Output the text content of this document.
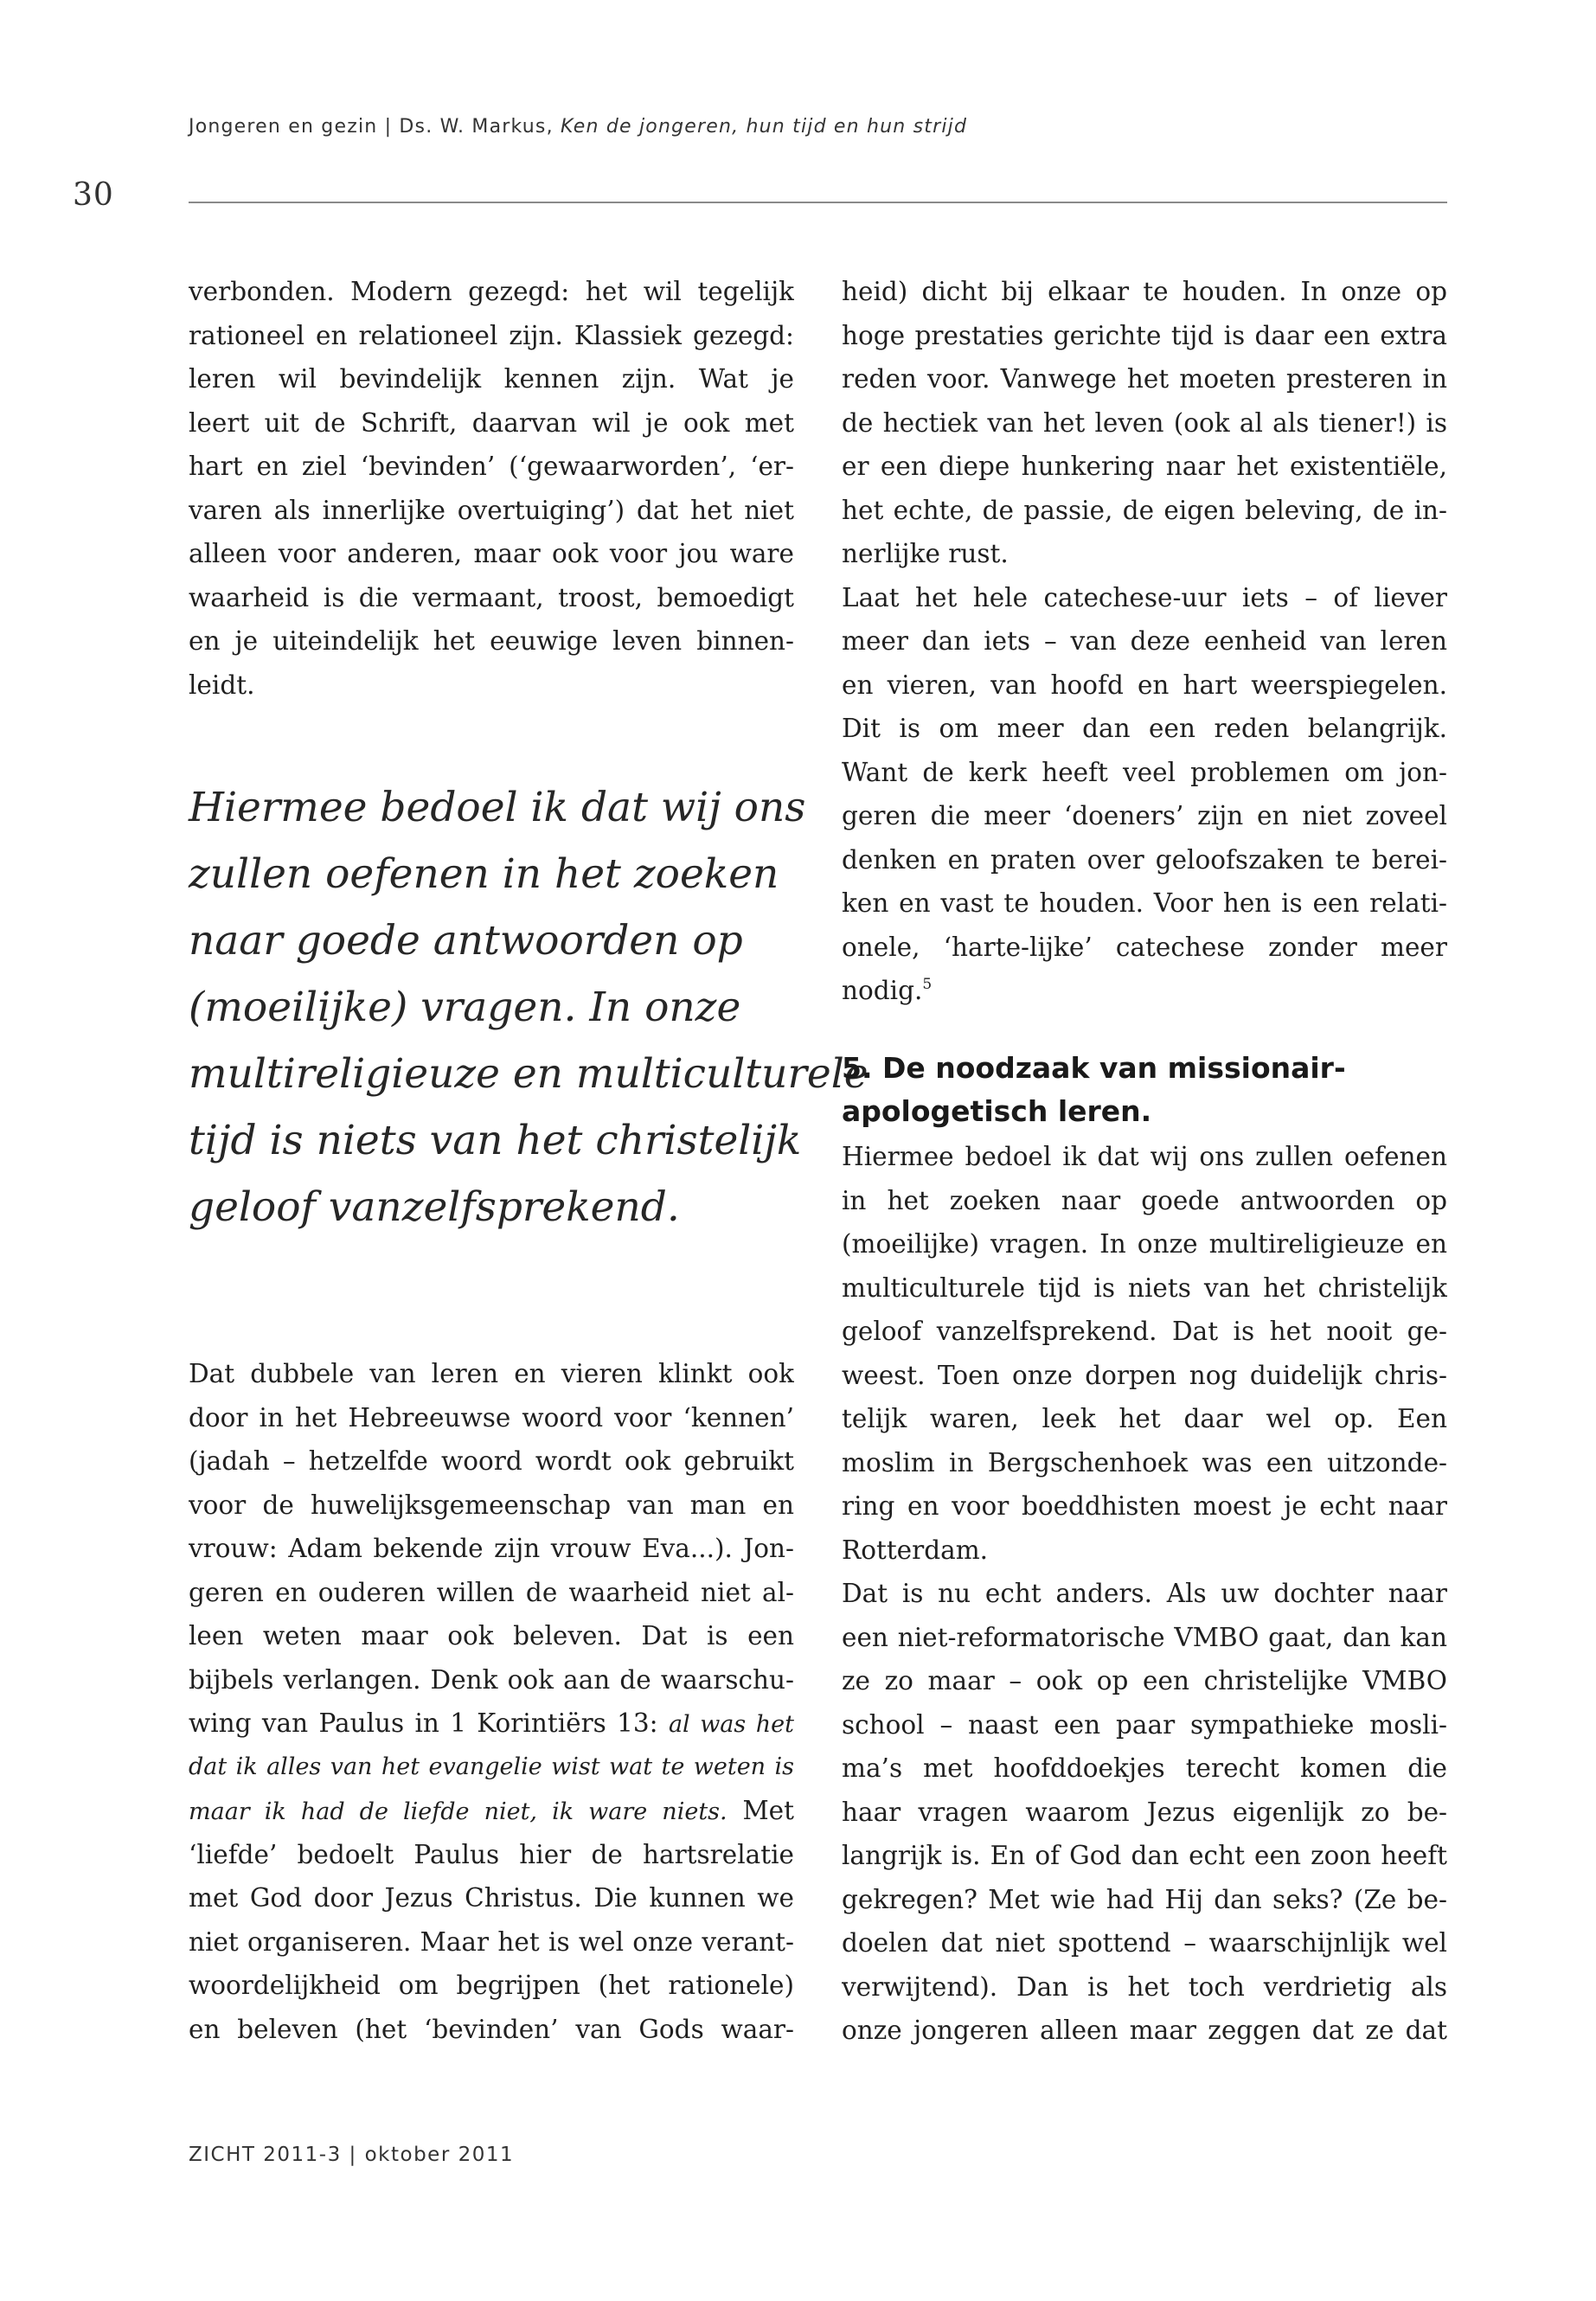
Jongeren en gezin | Ds. W. Markus, Ken de jongeren, hun tijd en hun strijd
30
verbonden. Modern gezegd: het wil tegelijk
rationeel en relationeel zijn. Klassiek gezegd:
leren wil bevindelijk kennen zijn. Wat je
leert uit de Schrift, daarvan wil je ook met
hart en ziel ‘bevinden’ (‘gewaarworden’, ‘er-
varen als innerlijke overtuiging’) dat het niet
alleen voor anderen, maar ook voor jou ware
waarheid is die vermaant, troost, bemoedigt
en je uiteindelijk het eeuwige leven binnen-
leidt.
Hiermee bedoel ik dat wij ons
zullen oefenen in het zoeken
naar goede antwoorden op
(moeilijke) vragen. In onze
multireligieuze en multiculturele
tijd is niets van het christelijk
geloof vanzelfsprekend.
Dat dubbele van leren en vieren klinkt ook
door in het Hebreeuwse woord voor ‘kennen’
(jadah – hetzelfde woord wordt ook gebruikt
voor de huwelijksgemeenschap van man en
vrouw: Adam bekende zijn vrouw Eva...). Jon-
geren en ouderen willen de waarheid niet al-
leen weten maar ook beleven. Dat is een
bijbels verlangen. Denk ook aan de waarschu-
wing van Paulus in 1 Korintiërs 13: al was het
dat ik alles van het evangelie wist wat te weten is
maar ik had de liefde niet, ik ware niets. Met
‘liefde’ bedoelt Paulus hier de hartsrelatie
met God door Jezus Christus. Die kunnen we
niet organiseren. Maar het is wel onze verant-
woordelijkheid om begrijpen (het rationele)
en beleven (het ‘bevinden’ van Gods waar-
heid) dicht bij elkaar te houden. In onze op
hoge prestaties gerichte tijd is daar een extra
reden voor. Vanwege het moeten presteren in
de hectiek van het leven (ook al als tiener!) is
er een diepe hunkering naar het existentiële,
het echte, de passie, de eigen beleving, de in-
nerlijke rust.
Laat het hele catechese-uur iets – of liever
meer dan iets – van deze eenheid van leren
en vieren, van hoofd en hart weerspiegelen.
Dit is om meer dan een reden belangrijk.
Want de kerk heeft veel problemen om jon-
geren die meer ‘doeners’ zijn en niet zoveel
denken en praten over geloofszaken te berei-
ken en vast te houden. Voor hen is een relati-
onele, ‘harte-lijke’ catechese zonder meer
nodig.$^5$
5. De noodzaak van missionair-
apologetisch leren.
Hiermee bedoel ik dat wij ons zullen oefenen
in het zoeken naar goede antwoorden op
(moeilijke) vragen. In onze multireligieuze en
multiculturele tijd is niets van het christelijk
geloof vanzelfsprekend. Dat is het nooit ge-
weest. Toen onze dorpen nog duidelijk chris-
telijk waren, leek het daar wel op. Een
moslim in Bergschenhoek was een uitzonde-
ring en voor boeddhisten moest je echt naar
Rotterdam.
Dat is nu echt anders. Als uw dochter naar
een niet-reformatorische VMBO gaat, dan kan
ze zo maar – ook op een christelijke VMBO
school – naast een paar sympathieke mosli-
ma’s met hoofddoekjes terecht komen die
haar vragen waarom Jezus eigenlijk zo be-
langrijk is. En of God dan echt een zoon heeft
gekregen? Met wie had Hij dan seks? (Ze be-
doelen dat niet spottend – waarschijnlijk wel
verwijtend). Dan is het toch verdrietig als
onze jongeren alleen maar zeggen dat ze dat
ZICHT 2011-3 | oktober 2011
